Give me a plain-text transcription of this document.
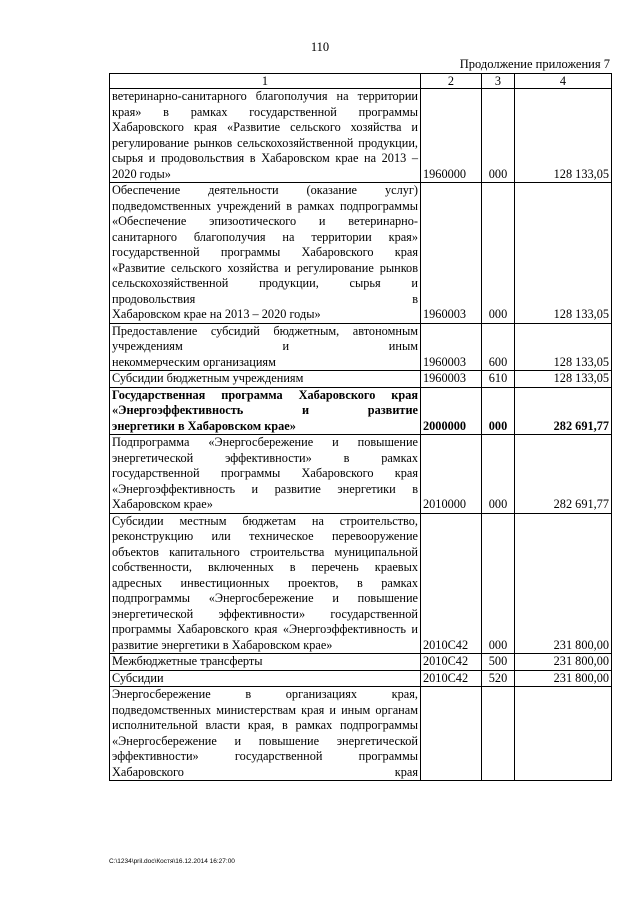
110
Продолжение приложения 7
1	2	3	4
ветеринарно-санитарного благополучия на территории края» в рамках государственной программы Хабаровского края «Развитие сельского хозяйства и регулирование рынков сельскохозяйственной продукции, сырья и продовольствия в Хабаровском крае на 2013 –
2020 годы»	1960000	000	128 133,05
Обеспечение деятельности (оказание услуг) подведомственных учреждений в рамках подпрограммы «Обеспечение эпизоотического и ветеринарно-санитарного благополучия на территории края» государственной программы Хабаровского края «Развитие сельского хозяйства и регулирование рынков сельскохозяйственной продукции, сырья и продовольствия в
Хабаровском крае на 2013 – 2020 годы»	1960003	000	128 133,05
Предоставление субсидий бюджетным, автономным учреждениям и иным
некоммерческим организациям	1960003	600	128 133,05

Субсидии бюджетным учреждениям	1960003	610	128 133,05
Государственная программа Хабаровского края «Энергоэффективность и развитие
энергетики в Хабаровском крае»	2000000	000	282 691,77
Подпрограмма «Энергосбережение и повышение энергетической эффективности» в рамках государственной программы Хабаровского края «Энергоэффективность и развитие энергетики в
Хабаровском крае»	2010000	000	282 691,77
Субсидии местным бюджетам на строительство, реконструкцию или техническое перевооружение объектов капитального строительства муниципальной собственности, включенных в перечень краевых адресных инвестиционных проектов, в рамках подпрограммы «Энергосбережение и повышение энергетической эффективности» государственной программы Хабаровского края «Энергоэффективность и
развитие энергетики в Хабаровском крае»	2010С42	000	231 800,00

Межбюджетные трансферты	2010С42	500	231 800,00

Субсидии	2010С42	520	231 800,00
Энергосбережение в организациях края, подведомственных министерствам края и иным органам исполнительной власти края, в рамках подпрограммы «Энергосбережение и повышение энергетической эффективности» государственной программы Хабаровского края			
C:\1234\pril.doc\Костя\16.12.2014 16:27:00
